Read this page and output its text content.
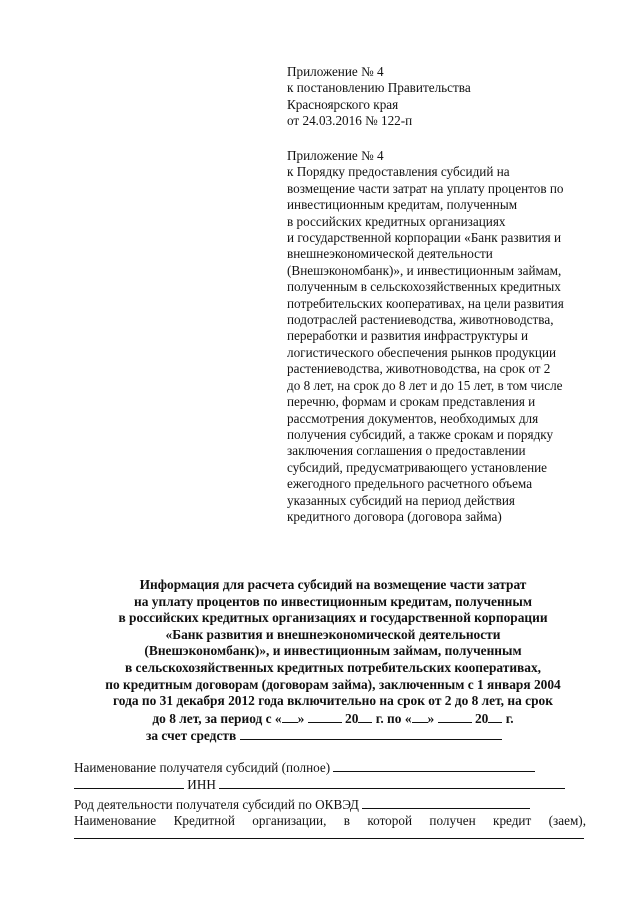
Приложение № 4
к постановлению Правительства
Красноярского края
от 24.03.2016 № 122-п
Приложение № 4
к Порядку предоставления субсидий на
возмещение части затрат на уплату процентов по
инвестиционным кредитам, полученным
в российских кредитных организациях
и государственной корпорации «Банк развития и
внешнеэкономической деятельности
(Внешэкономбанк)», и инвестиционным займам,
полученным в сельскохозяйственных кредитных
потребительских кооперативах, на цели развития
подотраслей растениеводства, животноводства,
переработки и развития инфраструктуры и
логистического обеспечения рынков продукции
растениеводства, животноводства, на срок от 2
до 8 лет, на срок до 8 лет и до 15 лет, в том числе
перечню, формам и срокам представления и
рассмотрения документов, необходимых для
получения субсидий, а также срокам и порядку
заключения соглашения о предоставлении
субсидий, предусматривающего установление
ежегодного предельного расчетного объема
указанных субсидий на период действия
кредитного договора (договора займа)
Информация для расчета субсидий на возмещение части затрат
на уплату процентов по инвестиционным кредитам, полученным
в российских кредитных организациях и государственной корпорации
«Банк развития и внешнеэкономической деятельности
(Внешэкономбанк)», и инвестиционным займам, полученным
в сельскохозяйственных кредитных потребительских кооперативах,
по кредитным договорам (договорам займа), заключенным с 1 января 2004
года по 31 декабря 2012 года включительно на срок от 2 до 8 лет, на срок
до 8 лет, за период с « »	20 г. по « »	20 г.
за счет средств
Наименование получателя субсидий (полное)
ИНН
Род деятельности получателя субсидий по ОКВЭД
Наименование Кредитной организации, в которой получен кредит (заем),
